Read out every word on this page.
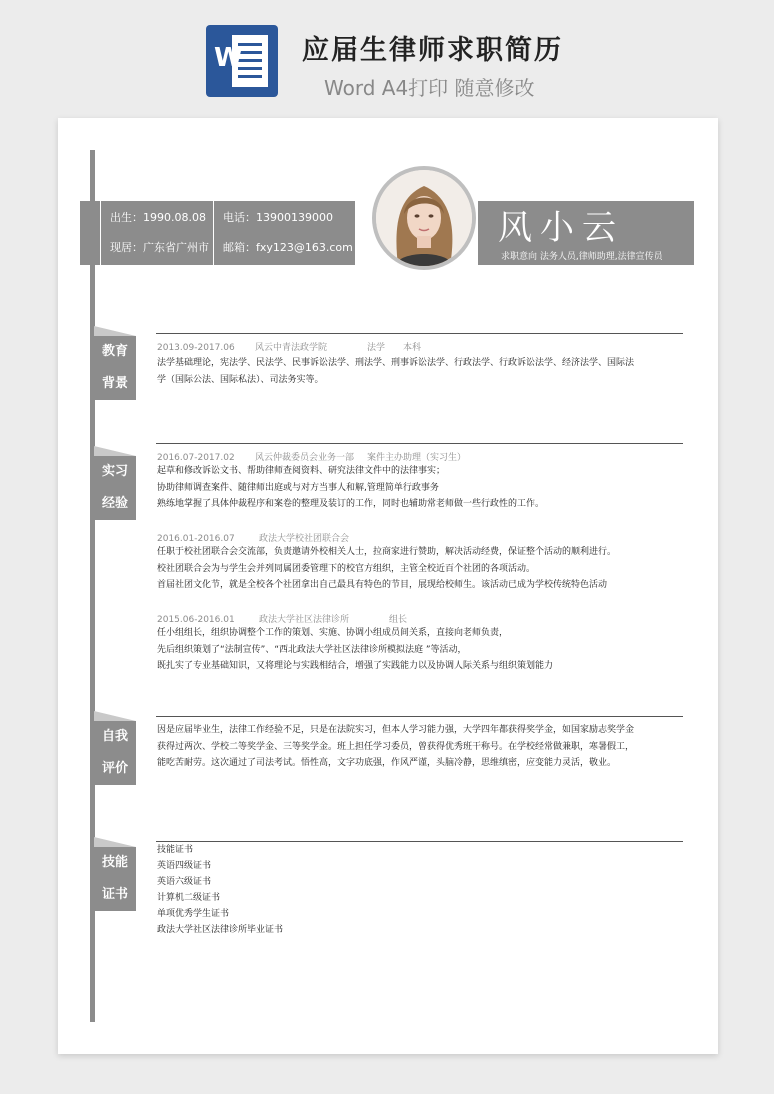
W 应届生律师求职简历
Word A4打印 随意修改
出生：1990.08.08 电话：13900139000
现居：广东省广州市 邮箱：fxy123@163.com	风小云
求职意向 法务人员,律师助理,法律宣传员
教育
背景
2013.09-2017.06 风云中青法政学院	法学 本科
法学基础理论，宪法学、民法学、民事诉讼法学、刑法学、刑事诉讼法学、行政法学、行政诉讼法学、经济法学、国际法
学（国际公法、国际私法）、司法务实等。
实习
经验
2016.07-2017.02 风云仲裁委员会业务一部 案件主办助理（实习生）
起草和修改诉讼文书、帮助律师查阅资料、研究法律文件中的法律事实；
协助律师调查案件、随律师出庭或与对方当事人和解,管理简单行政事务
熟练地掌握了具体仲裁程序和案卷的整理及装订的工作，同时也辅助常老师做一些行政性的工作。
2016.01-2016.07	政法大学校社团联合会
任职于校社团联合会交流部，负责邀请外校相关人士，拉商家进行赞助，解决活动经费，保证整个活动的顺利进行。
校社团联合会为与学生会并列同属团委管理下的校官方组织，主管全校近百个社团的各项活动。
首届社团文化节，就是全校各个社团拿出自己最具有特色的节目，展现给校师生。该活动已成为学校传统特色活动
2015.06-2016.01	政法大学社区法律诊所	组长
任小组组长，组织协调整个工作的策划、实施、协调小组成员间关系，直接向老师负责，
先后组织策划了“法制宣传”、“西北政法大学社区法律诊所模拟法庭 ”等活动，
既扎实了专业基础知识，又将理论与实践相结合，增强了实践能力以及协调人际关系与组织策划能力
自我
评价
因是应届毕业生，法律工作经验不足，只是在法院实习，但本人学习能力强，大学四年都获得奖学金，如国家励志奖学金
获得过两次、学校二等奖学金、三等奖学金。班上担任学习委员，曾获得优秀班干称号。在学校经常做兼职，寒暑假工，
能吃苦耐劳。这次通过了司法考试。悟性高，文字功底强，作风严谨，头脑冷静，思维缜密，应变能力灵活，敬业。
技能
证书
技能证书
英语四级证书
英语六级证书
计算机二级证书
单项优秀学生证书
政法大学社区法律诊所毕业证书
